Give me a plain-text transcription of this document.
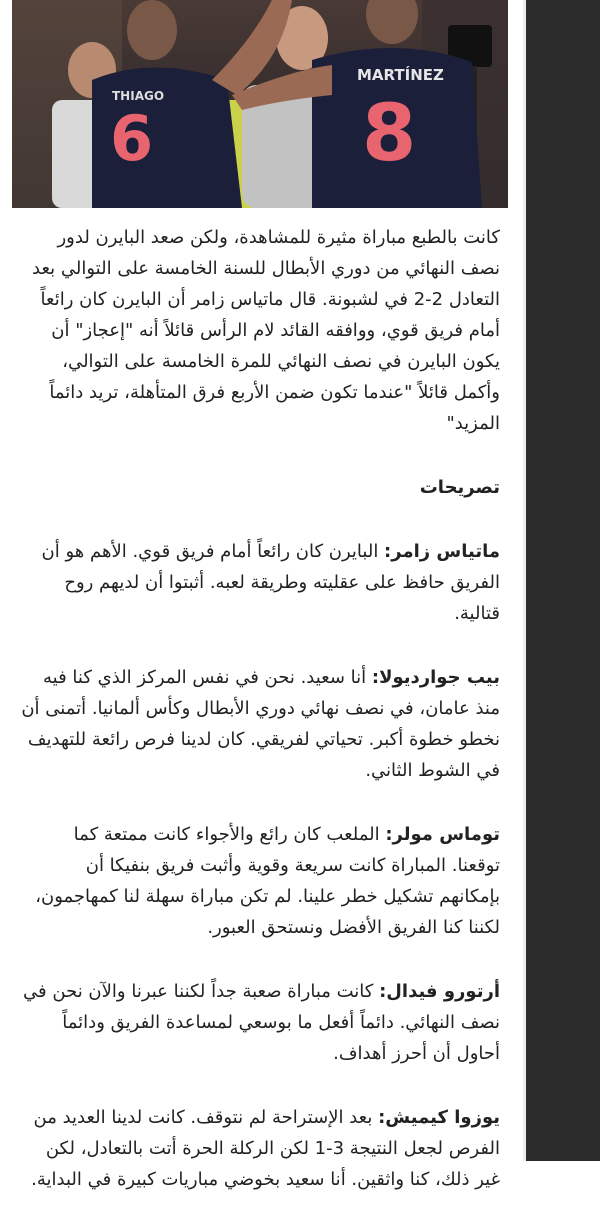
THIAGO
6
MARTÍNEZ
8

كانت بالطبع مباراة مثيرة للمشاهدة، ولكن صعد البايرن لدور نصف النهائي من دوري الأبطال للسنة الخامسة على التوالي بعد التعادل 2-2 في لشبونة. قال ماتياس زامر أن البايرن كان رائعاً أمام فريق قوي، ووافقه القائد لام الرأس قائلاً أنه "إعجاز" أن يكون البايرن في نصف النهائي للمرة الخامسة على التوالي، وأكمل قائلاً "عندما تكون ضمن الأربع فرق المتأهلة، تريد دائماً المزيد"

تصريحات

ماتياس زامر: البايرن كان رائعاً أمام فريق قوي. الأهم هو أن الفريق حافظ على عقليته وطريقة لعبه. أثبتوا أن لديهم روح قتالية.

بيب جوارديولا: أنا سعيد. نحن في نفس المركز الذي كنا فيه منذ عامان، في نصف نهائي دوري الأبطال وكأس ألمانيا. أتمنى أن نخطو خطوة أكبر. تحياتي لفريقي. كان لدينا فرص رائعة للتهديف في الشوط الثاني.

توماس مولر: الملعب كان رائع والأجواء كانت ممتعة كما توقعنا. المباراة كانت سريعة وقوية وأثبت فريق بنفيكا أن بإمكانهم تشكيل خطر علينا. لم تكن مباراة سهلة لنا كمهاجمون، لكننا كنا الفريق الأفضل ونستحق العبور.

أرتورو فيدال: كانت مباراة صعبة جداً لكننا عبرنا والآن نحن في نصف النهائي. دائماً أفعل ما بوسعي لمساعدة الفريق ودائماً أحاول أن أحرز أهداف.

يوزوا كيميش: بعد الإستراحة لم نتوقف. كانت لدينا العديد من الفرص لجعل النتيجة 3-1 لكن الركلة الحرة أتت بالتعادل، لكن غير ذلك، كنا واثقين. أنا سعيد بخوضي مباريات كبيرة في البداية.
